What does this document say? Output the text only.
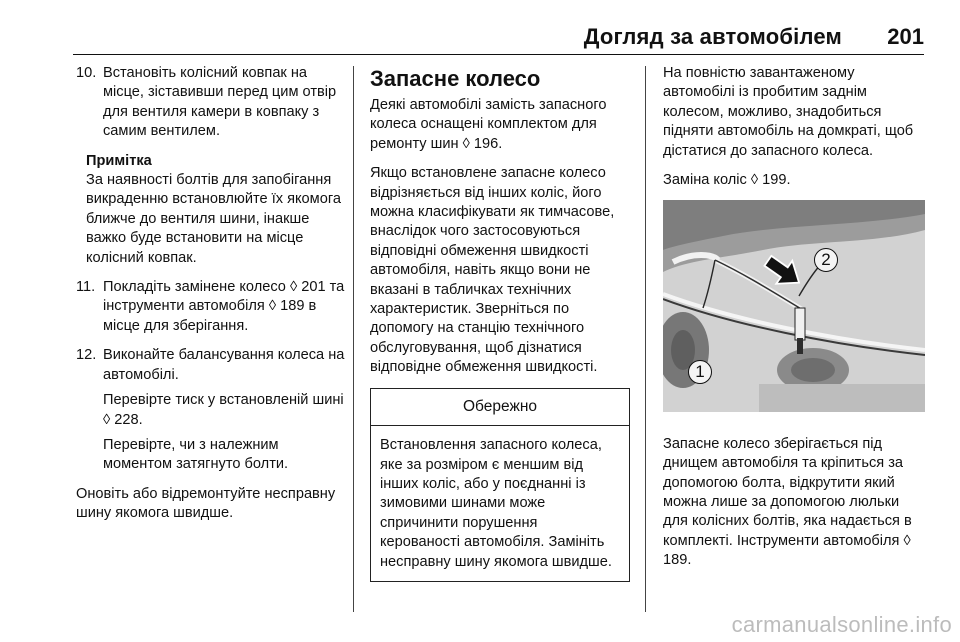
Догляд за автомобілем 201
10. Встановіть колісний ковпак на місце, зіставивши перед цим отвір для вентиля камери в ковпаку з самим вентилем.

Примітка
За наявності болтів для запобігання викраденню встановлюйте їх якомога ближче до вентиля шини, інакше важко буде встановити на місце колісний ковпак.
11. Покладіть замінене колесо ◊ 201 та інструменти автомобіля ◊ 189 в місце для зберігання.

12. Виконайте балансування колеса на автомобілі.

Перевірте тиск у встановленій шині ◊ 228.

Перевірте, чи з належним моментом затягнуто болти.

Оновіть або відремонтуйте несправну шину якомога швидше.

Запасне колесо

Деякі автомобілі замість запасного колеса оснащені комплектом для ремонту шин ◊ 196.

Якщо встановлене запасне колесо відрізняється від інших коліс, його можна класифікувати як тимчасове, внаслідок чого застосовуються відповідні обмеження швидкості автомобіля, навіть якщо вони не вказані в табличках технічних характеристик. Зверніться по допомогу на станцію технічного обслуговування, щоб дізнатися відповідне обмеження швидкості.

Обережно
Встановлення запасного колеса, яке за розміром є меншим від інших коліс, або у поєднанні із зимовими шинами може спричинити порушення керованості автомобіля. Замініть несправну шину якомога швидше.

На повністю завантаженому автомобілі із пробитим заднім колесом, можливо, знадобиться підняти автомобіль на домкраті, щоб дістатися до запасного колеса.

Заміна коліс ◊ 199.

1
2

Запасне колесо зберігається під днищем автомобіля та кріпиться за допомогою болта, відкрутити який можна лише за допомогою люльки для колісних болтів, яка надається в комплекті. Інструменти автомобіля ◊ 189.

carmanualsonline.info
